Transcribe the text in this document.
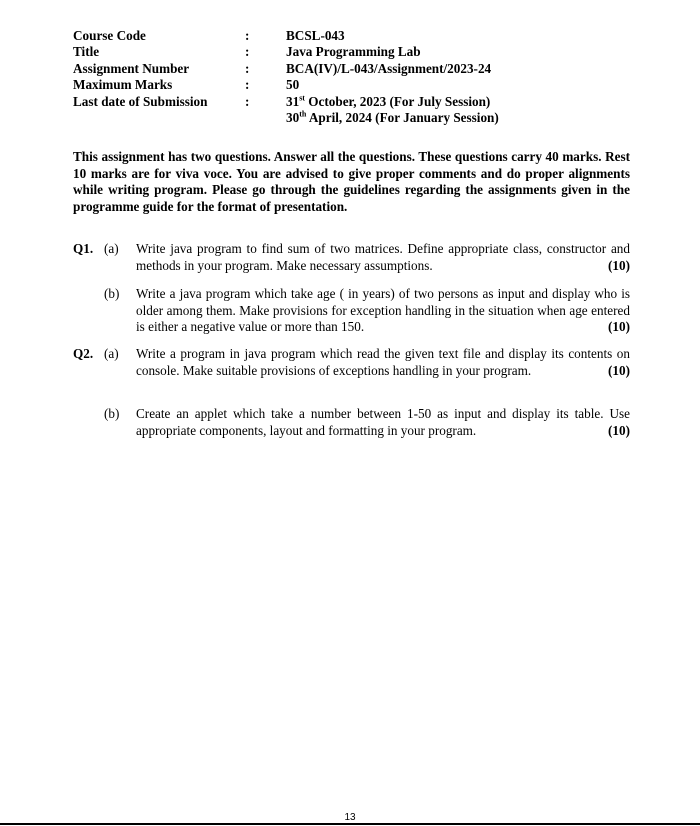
Course Code	:	BCSL-043
Title	:	Java Programming Lab
Assignment Number	:	BCA(IV)/L-043/Assignment/2023-24
Maximum Marks	:	50
Last date of Submission	:	31st October, 2023 (For July Session)
30th April, 2024 (For January Session)
This assignment has two questions. Answer all the questions. These questions carry 40 marks. Rest 10 marks are for viva voce. You are advised to give proper comments and do proper alignments while writing program. Please go through the guidelines regarding the assignments given in the programme guide for the format of presentation.
Q1. (a) Write java program to find sum of two matrices. Define appropriate class, constructor and methods in your program. Make necessary assumptions.	(10)
(b) Write a java program which take age ( in years) of two persons as input and display who is older among them. Make provisions for exception handling in the situation when age entered is either a negative value or more than 150.	(10)
Q2. (a) Write a program in java program which read the given text file and display its contents on console. Make suitable provisions of exceptions handling in your program.	(10)
(b) Create an applet which take a number between 1-50 as input and display its table. Use appropriate components, layout and formatting in your program.	(10)
13
